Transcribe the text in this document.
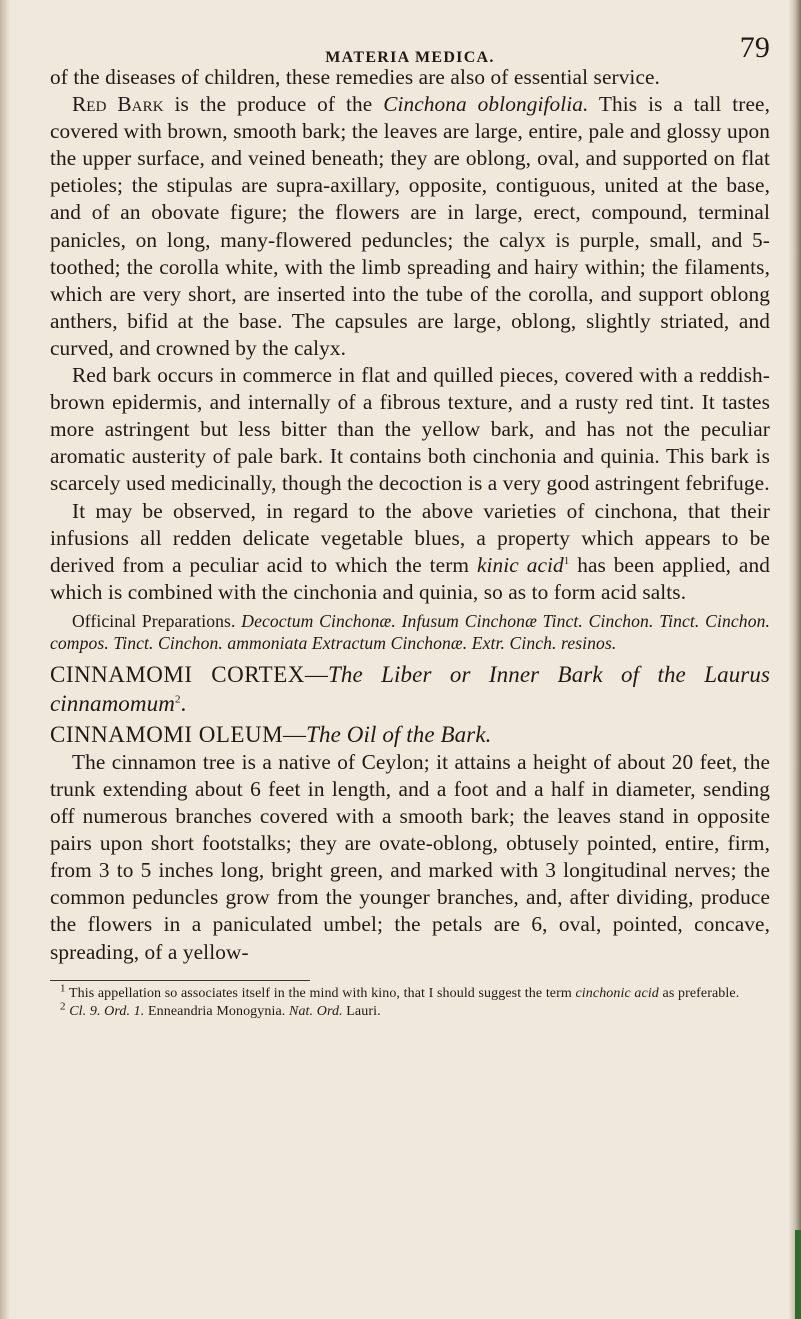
MATERIA MEDICA.	79

of the diseases of children, these remedies are also of essential service.

Red Bark is the produce of the Cinchona oblongifolia. This is a tall tree, covered with brown, smooth bark; the leaves are large, entire, pale and glossy upon the upper surface, and veined beneath; they are oblong, oval, and supported on flat petioles; the stipulas are supra-axillary, opposite, contiguous, united at the base, and of an obovate figure; the flowers are in large, erect, compound, terminal panicles, on long, many-flowered peduncles; the calyx is purple, small, and 5-toothed; the corolla white, with the limb spreading and hairy within; the filaments, which are very short, are inserted into the tube of the corolla, and support oblong anthers, bifid at the base. The capsules are large, oblong, slightly striated, and curved, and crowned by the calyx.

Red bark occurs in commerce in flat and quilled pieces, covered with a reddish-brown epidermis, and internally of a fibrous texture, and a rusty red tint. It tastes more astringent but less bitter than the yellow bark, and has not the peculiar aromatic austerity of pale bark. It contains both cinchonia and quinia. This bark is scarcely used medicinally, though the decoction is a very good astringent febrifuge.

It may be observed, in regard to the above varieties of cinchona, that their infusions all redden delicate vegetable blues, a property which appears to be derived from a peculiar acid to which the term kinic acid$^1$ has been applied, and which is combined with the cinchonia and quinia, so as to form acid salts.

Officinal Preparations. Decoctum Cinchonæ. Infusum Cinchonæ Tinct. Cinchon. Tinct. Cinchon. compos. Tinct. Cinchon. ammoniata Extractum Cinchonæ. Extr. Cinch. resinos.

CINNAMOMI CORTEX—The Liber or Inner Bark of the Laurus cinnamomum$^2$.

CINNAMOMI OLEUM—The Oil of the Bark.

The cinnamon tree is a native of Ceylon; it attains a height of about 20 feet, the trunk extending about 6 feet in length, and a foot and a half in diameter, sending off numerous branches covered with a smooth bark; the leaves stand in opposite pairs upon short footstalks; they are ovate-oblong, obtusely pointed, entire, firm, from 3 to 5 inches long, bright green, and marked with 3 longitudinal nerves; the common peduncles grow from the younger branches, and, after dividing, produce the flowers in a paniculated umbel; the petals are 6, oval, pointed, concave, spreading, of a yellow-

$^1$ This appellation so associates itself in the mind with kino, that I should suggest the term cinchonic acid as preferable.

$^2$ Cl. 9. Ord. 1. Enneandria Monogynia. Nat. Ord. Lauri.
